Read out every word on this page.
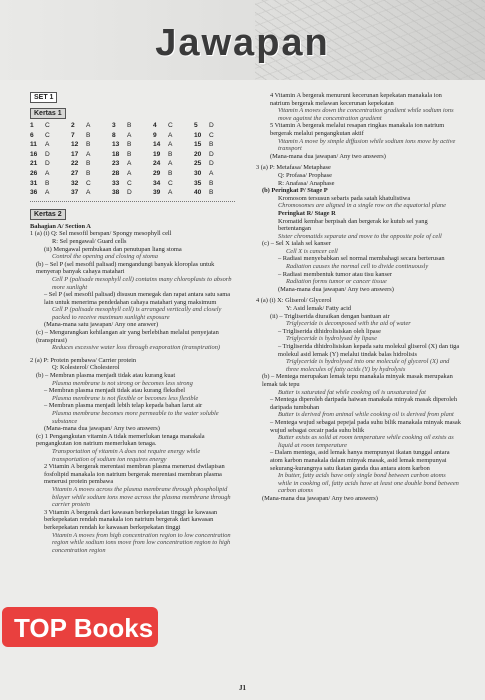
Jawapan
SET 1
Kertas 1
1 C	2 A	3 B	4 C	5 D
6 C	7 B	8 A	9 A	10 C
11 A	12 B	13 B	14 A	15 B
16 D	17 A	18 B	19 B	20 D
21 D	22 B	23 A	24 A	25 D
26 A	27 B	28 A	29 B	30 A
31 B	32 C	33 C	34 C	35 B
36 A	37 A	38 D	39 A	40 B
Kertas 2

Bahagian A/ Section A

1 (a) (i) Q: Sel mesofil berspan/ Spongy mesophyll cell

R: Sel pengawal/ Guard cells

(ii) Mengawal pembukaan dan penutupan liang stoma

Control the opening and closing of stoma

(b) – Sel P (sel mesofil palisad) mengandungi banyak kloroplas untuk menyerap banyak cahaya matahari

Cell P (palisade mesophyll cell) contains many chloroplasts to absorb more sunlight

– Sel P (sel mesofil palisad) disusun menegak dan rapat antara satu sama lain untuk menerima pendedahan cahaya matahari yang maksimum

Cell P (palisade mesophyll cell) is arranged vertically and closely packed to receive maximum sunlight exposure

(Mana-mana satu jawapan/ Any one answer)

(c) – Mengurangkan kehilangan air yang berlebihan melalui penyejatan (transpirasi)

Reduces excessive water loss through evaporation (transpiration)

2 (a) P: Protein pembawa/ Carrier protein

Q: Kolesterol/ Cholesterol

(b) – Membran plasma menjadi tidak atau kurang kuat

Plasma membrane is not strong or becomes less strong

– Membran plasma menjadi tidak atau kurang fleksibel

Plasma membrane is not flexible or becomes less flexible

– Membran plasma menjadi lebih telap kepada bahan larut air

Plasma membrane becomes more permeable to the water soluble substance

(Mana-mana dua jawapan/ Any two answers)

(c) 1 Pengangkutan vitamin A tidak memerlukan tenaga manakala pengangkutan ion natrium memerlukan tenaga.

Transportation of vitamin A does not require energy while transportation of sodium ion requires energy

2 Vitamin A bergerak merentasi membran plasma menerusi dwilapisan fosfolipid manakala ion natrium bergerak merentasi membran plasma menerusi protein pembawa

Vitamin A moves across the plasma membrane through phospholipid bilayer while sodium ions move across the plasma membrane through carrier protein

3 Vitamin A bergerak dari kawasan berkepekatan tinggi ke kawasan berkepekatan rendah manakala ion natrium bergerak dari kawasan berkepekatan rendah ke kawasan berkepekatan tinggi

Vitamin A moves from high concentration region to low concentration region while sodium ions move from low concentration region to high concentration region

4 Vitamin A bergerak menuruni kecerunan kepekatan manakala ion natrium bergerak melawan kecerunan kepekatan

Vitamin A moves down the concentration gradient while sodium ions move against the concentration gradient

5 Vitamin A bergerak melalui resapan ringkas manakala ion natrium bergerak melalui pengangkutan aktif

Vitamin A move by simple diffusion while sodium ions move by active transport

(Mana-mana dua jawapan/ Any two answers)

3 (a) P: Metafasa/ Metaphase

Q: Profasa/ Prophase

R: Anafasa/ Anaphase

(b) Peringkat P/ Stage P

Kromosom tersusun sebaris pada satah khatulistiwa

Chromosomes are aligned in a single row on the equatorial plane

Peringkat R/ Stage R

Kromatid kembar berpisah dan bergerak ke kutub sel yang bertentangan

Sister chromatids separate and move to the opposite pole of cell

(c) – Sel X ialah sel kanser

Cell X is cancer cell

– Radiasi menyebabkan sel normal membahagi secara berterusan

Radiation causes the normal cell to divide continuously

– Radiasi membentuk tumor atau tisu kanser

Radiation forms tumor or cancer tissue

(Mana-mana dua jawapan/ Any two answers)

4 (a) (i) X: Gliserol/ Glycerol

Y: Asid lemak/ Fatty acid

(ii) – Trigliserida diuraikan dengan bantuan air

Triglyceride is decomposed with the aid of water

– Trigliserida dihidrolisiskan oleh lipase

Triglyceride is hydrolysed by lipase

– Trigliserida dihidrolisiskan kepada satu molekul gliserol (X) dan tiga molekul asid lemak (Y) melalui tindak balas hidrolisis

Triglyceride is hydrolysed into one molecule of glycerol (X) and three molecules of fatty acids (Y) by hydrolysis

(b) – Mentega merupakan lemak tepu manakala minyak masak merupakan lemak tak tepu

Butter is saturated fat while cooking oil is unsaturated fat

– Mentega diperoleh daripada haiwan manakala minyak masak diperoleh daripada tumbuhan

Butter is derived from animal while cooking oil is derived from plant

– Mentega wujud sebagai pepejal pada suhu bilik manakala minyak masak wujud sebagai cecair pada suhu bilik

Butter exists as solid at room temperature while cooking oil exists as liquid at room temperature

– Dalam mentega, asid lemak hanya mempunyai ikatan tunggal antara atom karbon manakala dalam minyak masak, asid lemak mempunyai sekurang-kurangnya satu ikatan ganda dua antara atom karbon

In butter, fatty acids have only single bond between carbon atoms while in cooking oil, fatty acids have at least one double bond between carbon atoms

(Mana-mana dua jawapan/ Any two answers)

TOP Books
J1
